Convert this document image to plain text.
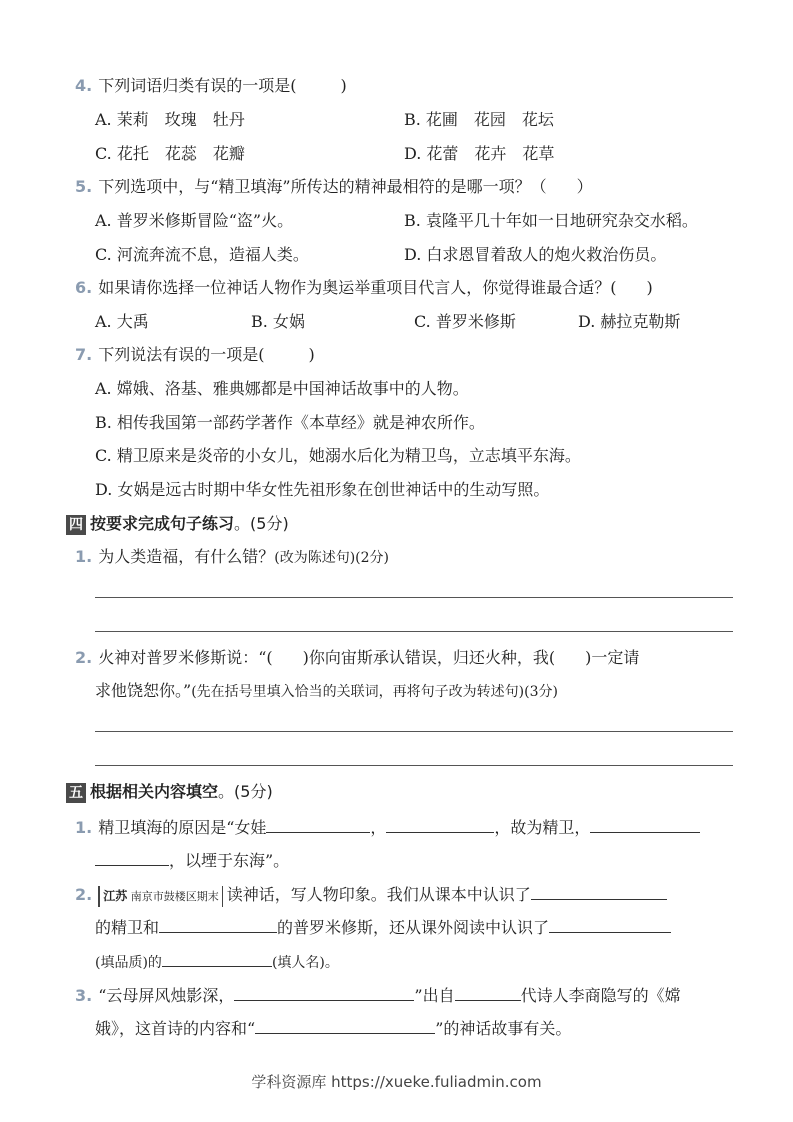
4. 下列词语归类有误的一项是(	)
A. 茉莉　玫瑰　牡丹	B. 花圃　花园　花坛
C. 花托　花蕊　花瓣	D. 花蕾　花卉　花草
5. 下列选项中，与“精卫填海”所传达的精神最相符的是哪一项？（ ）
A. 普罗米修斯冒险“盗”火。	B. 袁隆平几十年如一日地研究杂交水稻。
C. 河流奔流不息，造福人类。	D. 白求恩冒着敌人的炮火救治伤员。
6. 如果请你选择一位神话人物作为奥运举重项目代言人，你觉得谁最合适？( )
A. 大禹	B. 女娲	C. 普罗米修斯	D. 赫拉克勒斯
7. 下列说法有误的一项是(	)
A. 嫦娥、洛基、雅典娜都是中国神话故事中的人物。
B. 相传我国第一部药学著作《本草经》就是神农所作。
C. 精卫原来是炎帝的小女儿，她溺水后化为精卫鸟，立志填平东海。
D. 女娲是远古时期中华女性先祖形象在创世神话中的生动写照。
四 按要求完成句子练习。(5分)
1. 为人类造福，有什么错？(改为陈述句)(2分)
2. 火神对普罗米修斯说：“( )你向宙斯承认错误，归还火种，我( )一定请
求他饶恕你。”(先在括号里填入恰当的关联词，再将句子改为转述句)(3分)
五 根据相关内容填空。(5分)
1. 精卫填海的原因是“女娃	，	，故为精卫，
，以堙于东海”。
2. 江苏 南京市鼓楼区期末 读神话，写人物印象。我们从课本中认识了
的精卫和	的普罗米修斯，还从课外阅读中认识了
(填品质)的	(填人名)。
3. “云母屏风烛影深，	”出自	代诗人李商隐写的《嫦
娥》，这首诗的内容和“	”的神话故事有关。
学科资源库 https://xueke.fuliadmin.com
